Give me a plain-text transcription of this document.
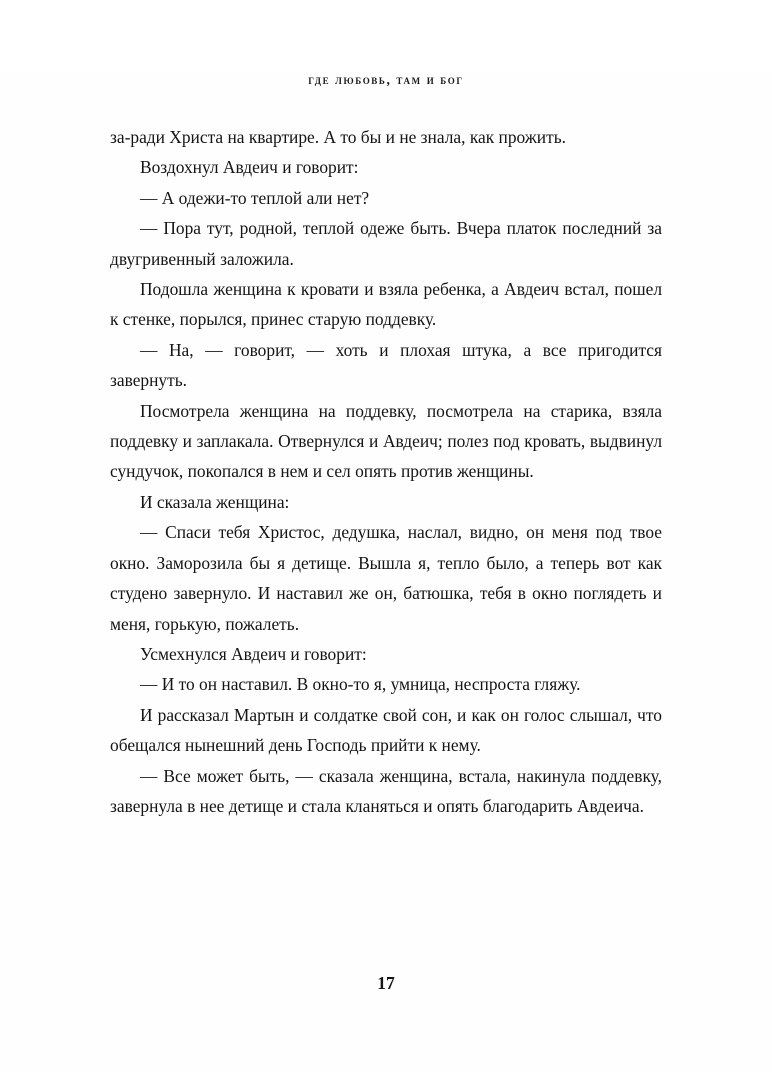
где любовь, там и бог

за-ради Христа на квартире. А то бы и не знала, как прожить.

Воздохнул Авдеич и говорит:

— А одежи-то теплой али нет?

— Пора тут, родной, теплой одеже быть. Вчера платок последний за двугривенный заложила.

Подошла женщина к кровати и взяла ребенка, а Авдеич встал, пошел к стенке, порылся, принес старую поддевку.

— На, — говорит, — хоть и плохая штука, а все пригодится завернуть.

Посмотрела женщина на поддевку, посмотрела на старика, взяла поддевку и заплакала. Отвернулся и Авдеич; полез под кровать, выдвинул сундучок, покопался в нем и сел опять против женщины.

И сказала женщина:

— Спаси тебя Христос, дедушка, наслал, видно, он меня под твое окно. Заморозила бы я детище. Вышла я, тепло было, а теперь вот как студено завернуло. И наставил же он, батюшка, тебя в окно поглядеть и меня, горькую, пожалеть.

Усмехнулся Авдеич и говорит:

— И то он наставил. В окно-то я, умница, неспроста гляжу.

И рассказал Мартын и солдатке свой сон, и как он голос слышал, что обещался нынешний день Господь прийти к нему.

— Все может быть, — сказала женщина, встала, накинула поддевку, завернула в нее детище и стала кланяться и опять благодарить Авдеича.

17
